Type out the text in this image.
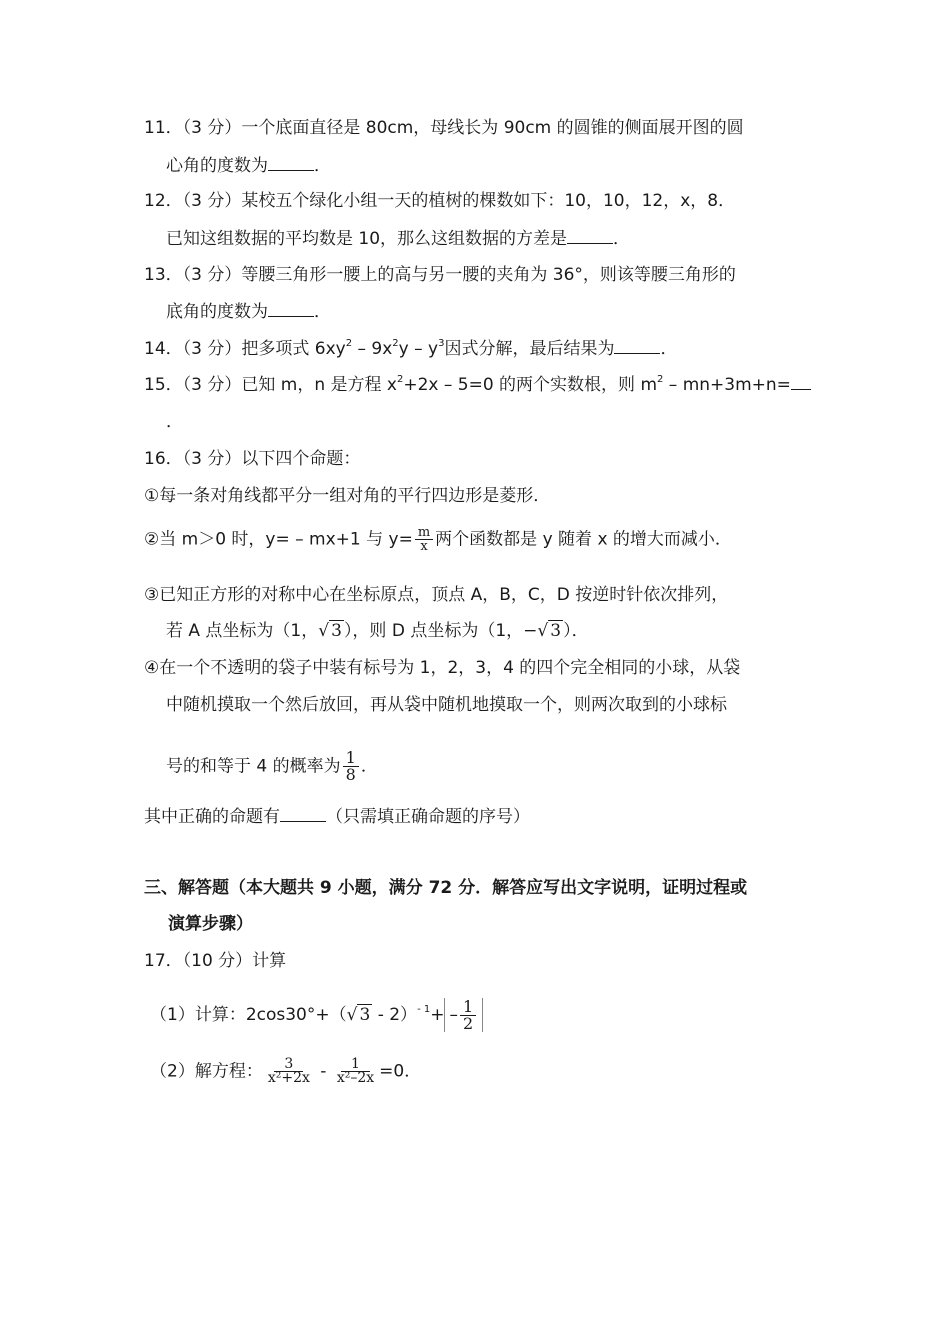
11．（3 分）一个底面直径是 80cm，母线长为 90cm 的圆锥的侧面展开图的圆
心角的度数为	．
12．（3 分）某校五个绿化小组一天的植树的棵数如下：10，10，12，x，8．
已知这组数据的平均数是 10，那么这组数据的方差是	．
13．（3 分）等腰三角形一腰上的高与另一腰的夹角为 36°，则该等腰三角形的
底角的度数为	．
14．（3 分）把多项式 $6xy^2 - 9x^2y - y^3$因式分解，最后结果为	．
15．（3 分）已知 m，n 是方程 $x^2+2x - 5=0$ 的两个实数根，则 $m^2 - mn+3m+n=$
．
16．（3 分）以下四个命题：
①每一条对角线都平分一组对角的平行四边形是菱形．
②当 m＞0 时，y= – mx+1 与 $y= \frac{m}{x}$ 两个函数都是 y 随着 x 的增大而减小．
③已知正方形的对称中心在坐标原点，顶点 A，B，C，D 按逆时针依次排列，
若 A 点坐标为（1，√ 3 ），则 D 点坐标为（1，−√ 3 ）．
④在一个不透明的袋子中装有标号为 1，2，3，4 的四个完全相同的小球，从袋
中随机摸取一个然后放回，再从袋中随机地摸取一个，则两次取到的小球标
号的和等于 4 的概率为 $\frac{1}{8}$ ．
其中正确的命题有	（只需填正确命题的序号）
三、解答题（本大题共 9 小题，满分 72 分．解答应写出文字说明，证明过程或
演算步骤）
17．（10 分）计算
（1）计算：2cos30°+（√ $3 - 2)^{- 1}+ - \frac{1}{2}$
（2）解方程： $\frac{3}{\text{x²+2x}} - \frac{1}{\text{x²–2x}} =0$．
